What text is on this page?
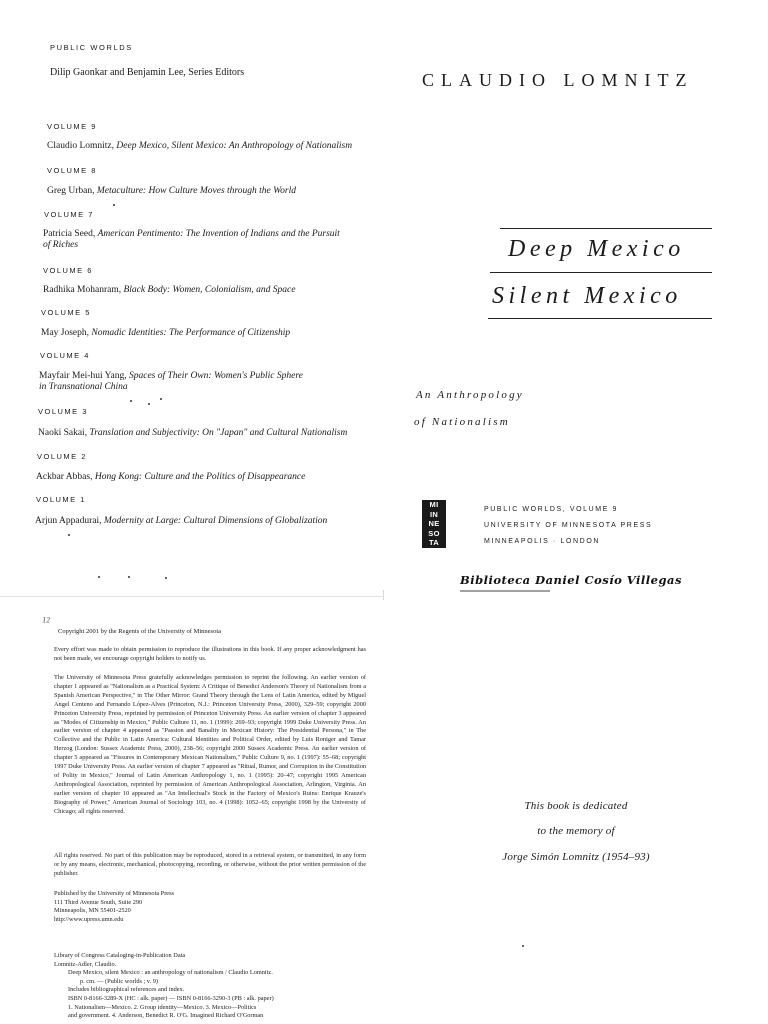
PUBLIC WORLDS
Dilip Gaonkar and Benjamin Lee, Series Editors
VOLUME 9
Claudio Lomnitz, Deep Mexico, Silent Mexico: An Anthropology of Nationalism
VOLUME 8
Greg Urban, Metaculture: How Culture Moves through the World
VOLUME 7
Patricia Seed, American Pentimento: The Invention of Indians and the Pursuit
of Riches
VOLUME 6
Radhika Mohanram, Black Body: Women, Colonialism, and Space
VOLUME 5
May Joseph, Nomadic Identities: The Performance of Citizenship
VOLUME 4
Mayfair Mei-hui Yang, Spaces of Their Own: Women's Public Sphere
in Transnational China
VOLUME 3
Naoki Sakai, Translation and Subjectivity: On "Japan" and Cultural Nationalism
VOLUME 2
Ackbar Abbas, Hong Kong: Culture and the Politics of Disappearance
VOLUME 1
Arjun Appadurai, Modernity at Large: Cultural Dimensions of Globalization
CLAUDIO LOMNITZ
Deep Mexico
Silent Mexico
An Anthropology
of Nationalism
MI
IN
NE
SO
TA
PUBLIC WORLDS, VOLUME 9
UNIVERSITY OF MINNESOTA PRESS
MINNEAPOLIS · LONDON
Biblioteca Daniel Cosío Villegas
¹²
Copyright 2001 by the Regents of the University of Minnesota
Every effort was made to obtain permission to reproduce the illustrations in this book. If any proper acknowledgment has not been made, we encourage copyright holders to notify us.
The University of Minnesota Press gratefully acknowledges permission to reprint the following. An earlier version of chapter 1 appeared as "Nationalism as a Practical System: A Critique of Benedict Anderson's Theory of Nationalism from a Spanish American Perspective," in The Other Mirror: Grand Theory through the Lens of Latin America, edited by Miguel Angel Centeno and Fernando López-Alves (Princeton, N.J.: Princeton University Press, 2000), 329–59; copyright 2000 Princeton University Press, reprinted by permission of Princeton University Press. An earlier version of chapter 3 appeared as "Modes of Citizenship in Mexico," Public Culture 11, no. 1 (1999): 269–93; copyright 1999 Duke University Press. An earlier version of chapter 4 appeared as "Passion and Banality in Mexican History: The Presidential Persona," in The Collective and the Public in Latin America: Cultural Identities and Political Order, edited by Luis Roniger and Tamar Herzog (London: Sussex Academic Press, 2000), 238–56; copyright 2000 Sussex Academic Press. An earlier version of chapter 5 appeared as "Fissures in Contemporary Mexican Nationalism," Public Culture 9, no. 1 (1997): 55–68; copyright 1997 Duke University Press. An earlier version of chapter 7 appeared as "Ritual, Rumor, and Corruption in the Constitution of Polity in Mexico," Journal of Latin American Anthropology 1, no. 1 (1995): 20–47; copyright 1995 American Anthropological Association, reprinted by permission of American Anthropological Association, Arlington, Virginia. An earlier version of chapter 10 appeared as "An Intellectual's Stock in the Factory of Mexico's Ruins: Enrique Krauze's Biography of Power," American Journal of Sociology 103, no. 4 (1998): 1052–65; copyright 1998 by the University of Chicago; all rights reserved.
All rights reserved. No part of this publication may be reproduced, stored in a retrieval system, or transmitted, in any form or by any means, electronic, mechanical, photocopying, recording, or otherwise, without the prior written permission of the publisher.
Published by the University of Minnesota Press
111 Third Avenue South, Suite 290
Minneapolis, MN 55401-2520
http://www.upress.umn.edu
Library of Congress Cataloging-in-Publication Data
Lomnitz-Adler, Claudio.
Deep Mexico, silent Mexico : an anthropology of nationalism / Claudio Lomnitz.
p. cm. — (Public worlds ; v. 9)
Includes bibliographical references and index.
ISBN 0-8166-3289-X (HC : alk. paper) — ISBN 0-8166-3290-3 (PB : alk. paper)
1. Nationalism—Mexico. 2. Group identity—Mexico. 3. Mexico—Politics
and government. 4. Anderson, Benedict R. O'G. Imagined Richard O'Gorman
This book is dedicated
to the memory of
Jorge Simón Lomnitz (1954–93)
